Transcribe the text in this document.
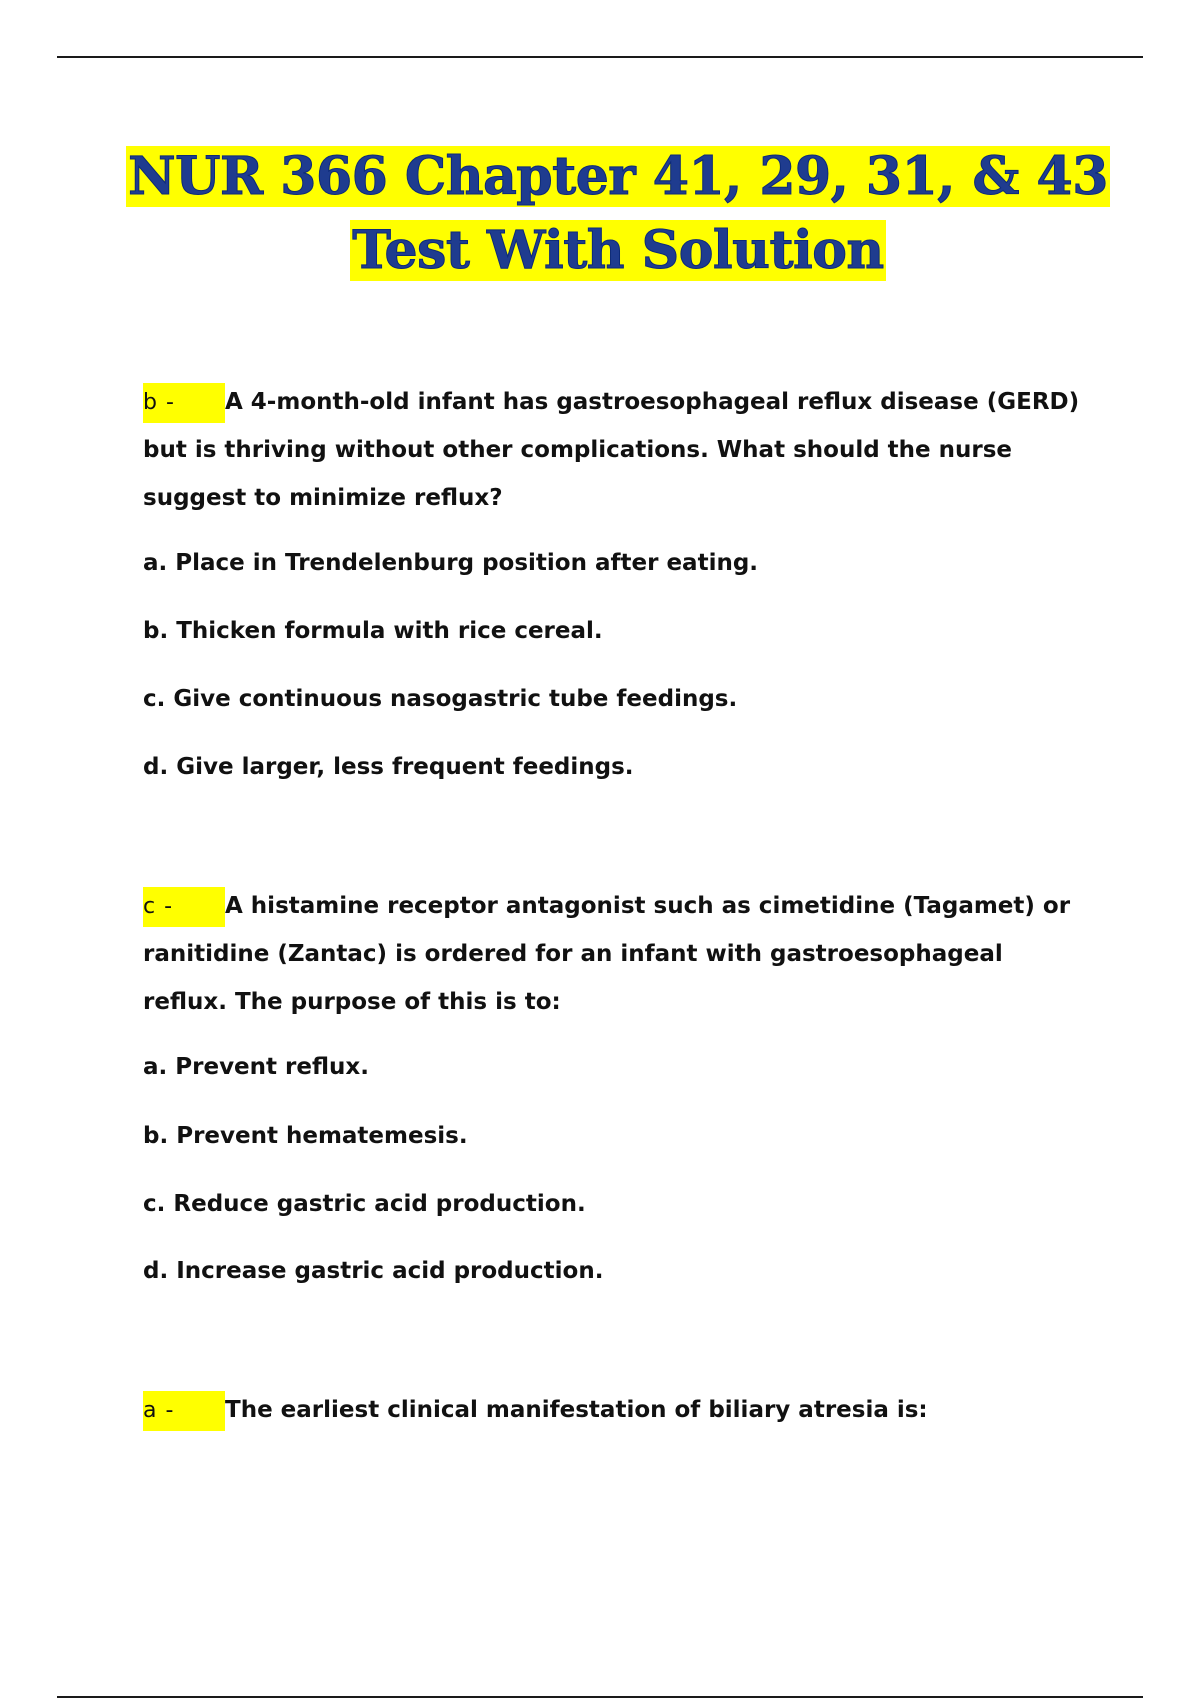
NUR 366 Chapter 41, 29, 31, & 43
Test With Solution

b - A 4-month-old infant has gastroesophageal reflux disease (GERD) but is thriving without other complications. What should the nurse suggest to minimize reflux?

a. Place in Trendelenburg position after eating.

b. Thicken formula with rice cereal.

c. Give continuous nasogastric tube feedings.

d. Give larger, less frequent feedings.

c - A histamine receptor antagonist such as cimetidine (Tagamet) or ranitidine (Zantac) is ordered for an infant with gastroesophageal reflux. The purpose of this is to:

a. Prevent reflux.

b. Prevent hematemesis.

c. Reduce gastric acid production.

d. Increase gastric acid production.

a - The earliest clinical manifestation of biliary atresia is:
